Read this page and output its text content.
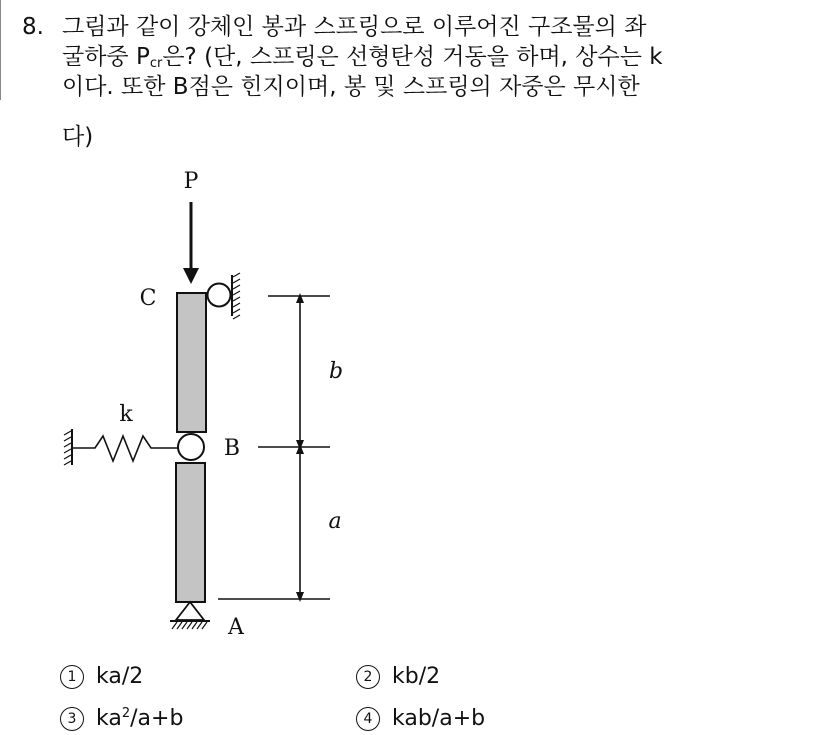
8. 그림과 같이 강체인 봉과 스프링으로 이루어진 구조물의 좌
굴하중 $P_{cr}$은? (단, 스프링은 선형탄성 거동을 하며, 상수는 k
이다. 또한 B점은 힌지이며, 봉 및 스프링의 자중은 무시한
다)
P
k
C
B
A
b
a
1 ka/2	2 kb/2
3 $ka^2/a+b$	4 kab/a+b
